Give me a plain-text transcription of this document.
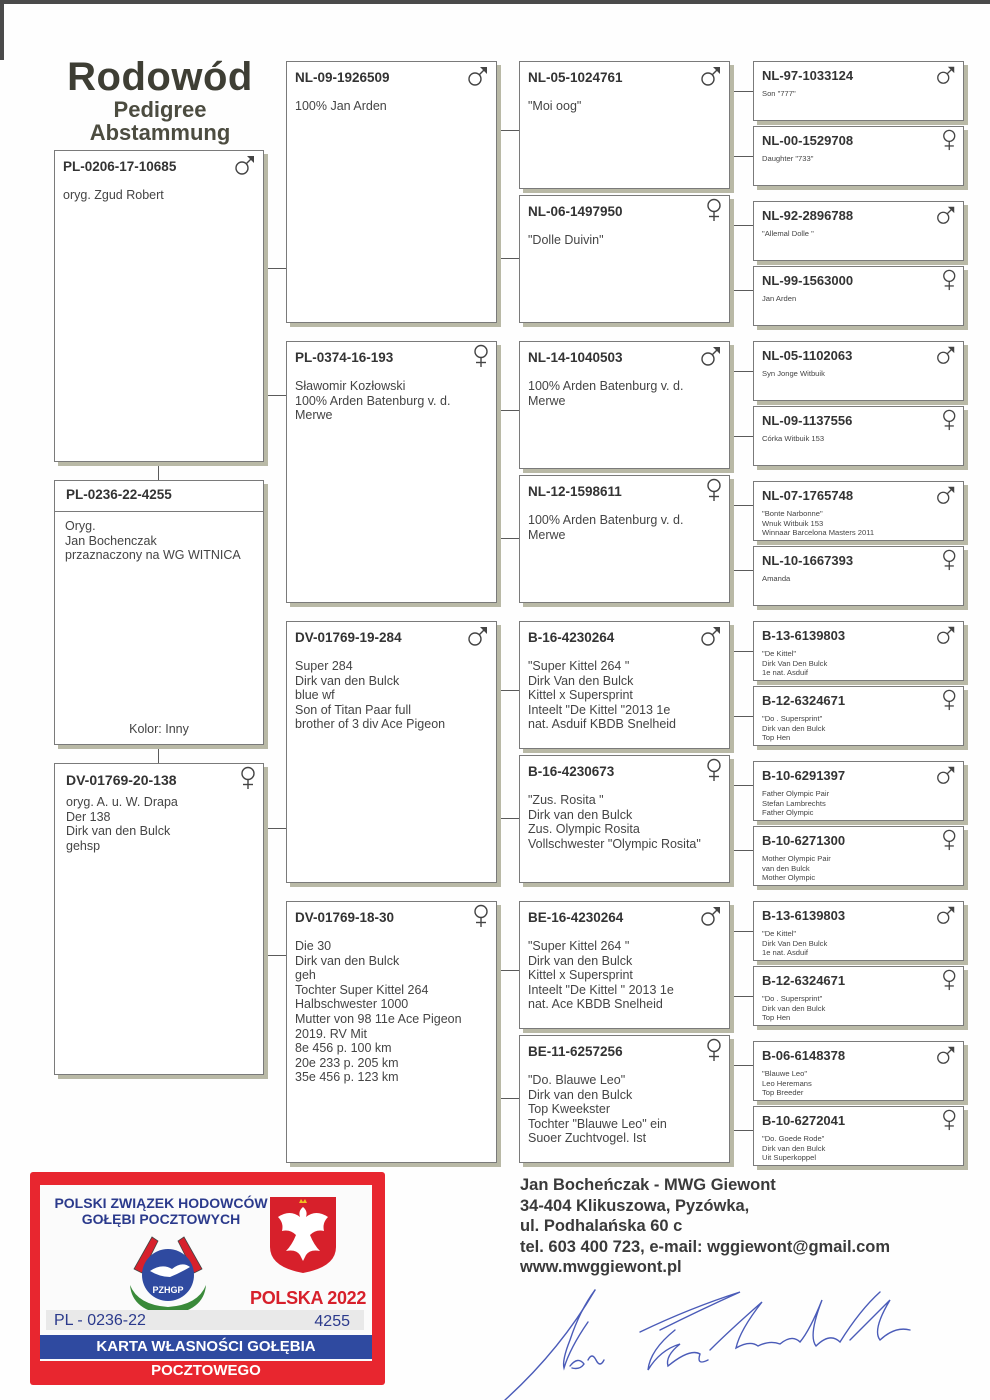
Rodowód
Pedigree
Abstammung
PL-0206-17-10685
oryg. Zgud Robert
PL-0236-22-4255
Oryg.
Jan Bochenczak
przaznaczony na WG WITNICA
Kolor: Inny
DV-01769-20-138
oryg. A. u. W. Drapa
Der 138
Dirk van den Bulck
gehsp
NL-09-1926509
100% Jan Arden
PL-0374-16-193
Sławomir Kozłowski
100% Arden Batenburg v. d.
Merwe
DV-01769-19-284
Super 284
Dirk van den Bulck
blue wf
Son of Titan Paar full
brother of 3 div Ace Pigeon
DV-01769-18-30
Die 30
Dirk van den Bulck
geh
Tochter Super Kittel 264
Halbschwester 1000
Mutter von 98 11e Ace Pigeon
2019. RV Mit
8e 456 p. 100 km
20e 233 p. 205 km
35e 456 p. 123 km
NL-05-1024761
"Moi oog"
NL-06-1497950
"Dolle Duivin"
NL-14-1040503
100% Arden Batenburg v. d.
Merwe
NL-12-1598611
100% Arden Batenburg v. d.
Merwe
B-16-4230264
"Super Kittel 264 "
Dirk Van den Bulck
Kittel x Supersprint
Inteelt "De Kittel "2013 1e
nat. Asduif KBDB Snelheid
B-16-4230673
"Zus. Rosita "
Dirk van den Bulck
Zus. Olympic Rosita
Vollschwester "Olympic Rosita"
BE-16-4230264
"Super Kittel 264 "
Dirk van den Bulck
Kittel x Supersprint
Inteelt "De Kittel " 2013 1e
nat. Ace KBDB Snelheid
BE-11-6257256
"Do. Blauwe Leo"
Dirk van den Bulck
Top Kweekster
Tochter "Blauwe Leo" ein
Suoer Zuchtvogel. Ist
NL-97-1033124
Son "777"
NL-00-1529708
Daughter "733"
NL-92-2896788
"Allemal Dolle "
NL-99-1563000
Jan Arden
NL-05-1102063
Syn Jonge Witbuik
NL-09-1137556
Córka Witbuik 153
NL-07-1765748
"Bonte Narbonne"
Wnuk Witbuik 153
Winnaar Barcelona Masters 2011
NL-10-1667393
Amanda
B-13-6139803
"De Kittel"
Dirk Van Den Bulck
1e nat. Asduif
B-12-6324671
"Do . Supersprint"
Dirk van den Bulck
Top Hen
B-10-6291397
Father Olympic Pair
Stefan Lambrechts
Father Olympic
B-10-6271300
Mother Olympic Pair
van den Bulck
Mother Olympic
B-13-6139803
"De Kittel"
Dirk Van Den Bulck
1e nat. Asduif
B-12-6324671
"Do . Supersprint"
Dirk van den Bulck
Top Hen
B-06-6148378
"Blauwe Leo"
Leo Heremans
Top Breeder
B-10-6272041
"Do. Goede Rode"
Dirk van den Bulck
Uit Superkoppel
POLSKI ZWIĄZEK HODOWCÓW
GOŁĘBI POCZTOWYCH
PZHGP	POLSKA 2022
PL - 0236-22	4255
KARTA WŁASNOŚCI GOŁĘBIA POCZTOWEGO
Jan Bocheńczak - MWG Giewont
34-404 Klikuszowa, Pyzówka,
ul. Podhalańska 60 c
tel. 603 400 723, e-mail: wggiewont@gmail.com
www.mwggiewont.pl
